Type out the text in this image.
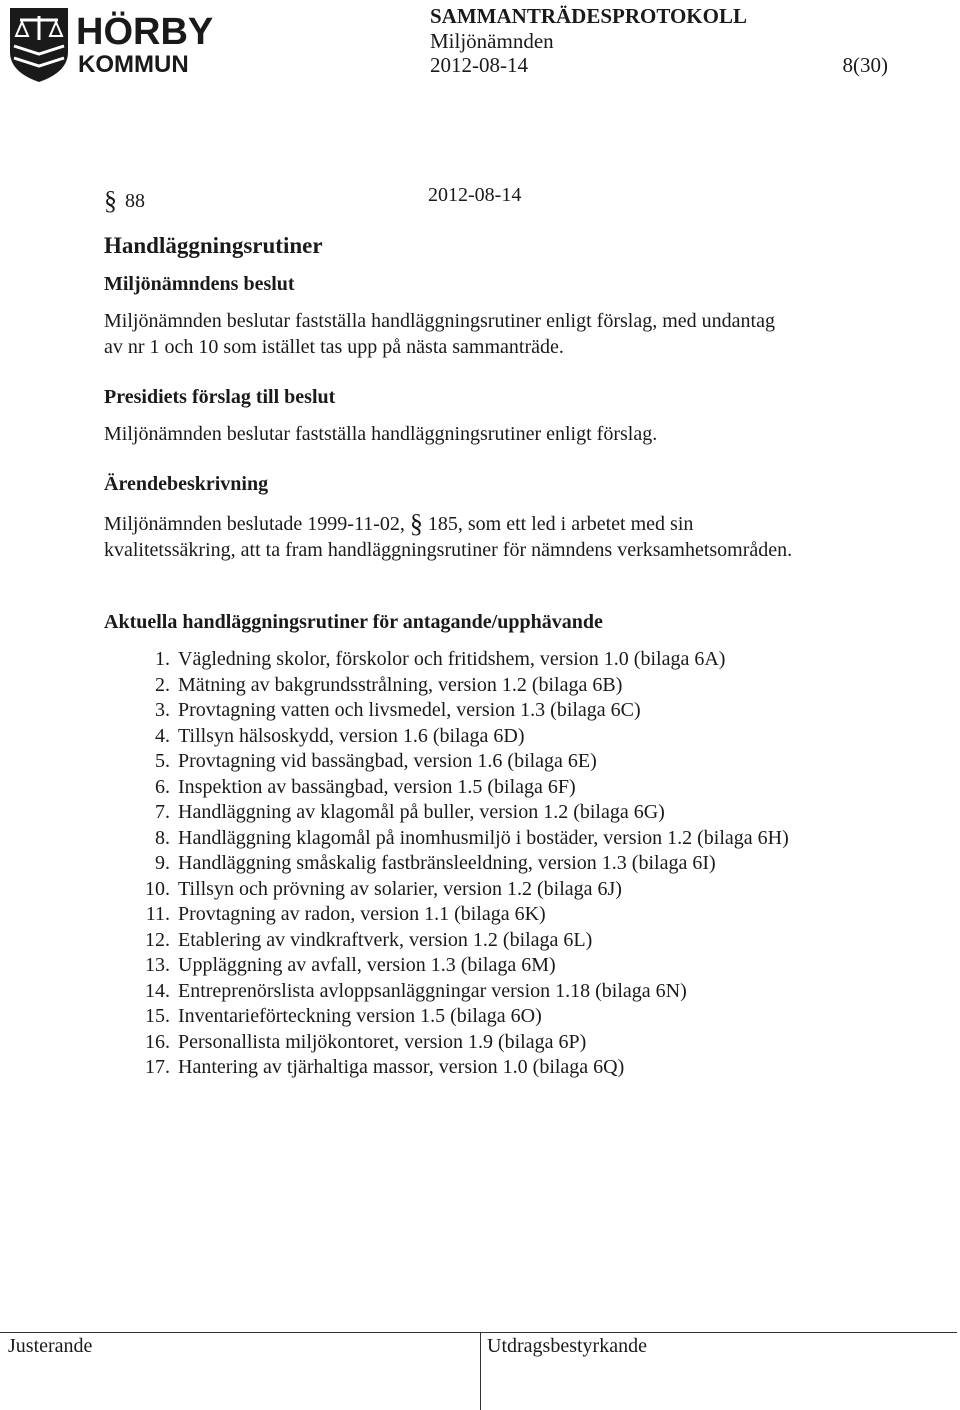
HÖRBY
KOMMUN
SAMMANTRÄDESPROTOKOLL
Miljönämnden
2012-08-14	8(30)
§ 88	2012-08-14
Handläggningsrutiner
Miljönämndens beslut
Miljönämnden beslutar fastställa handläggningsrutiner enligt förslag, med undantag av nr 1 och 10 som istället tas upp på nästa sammanträde.
Presidiets förslag till beslut
Miljönämnden beslutar fastställa handläggningsrutiner enligt förslag.
Ärendebeskrivning
Miljönämnden beslutade 1999-11-02, § 185, som ett led i arbetet med sin kvalitetssäkring, att ta fram handläggningsrutiner för nämndens verksamhetsområden.
Aktuella handläggningsrutiner för antagande/upphävande
1. Vägledning skolor, förskolor och fritidshem, version 1.0 (bilaga 6A)
2. Mätning av bakgrundsstrålning, version 1.2 (bilaga 6B)
3. Provtagning vatten och livsmedel, version 1.3 (bilaga 6C)
4. Tillsyn hälsoskydd, version 1.6 (bilaga 6D)
5. Provtagning vid bassängbad, version 1.6 (bilaga 6E)
6. Inspektion av bassängbad, version 1.5 (bilaga 6F)
7. Handläggning av klagomål på buller, version 1.2 (bilaga 6G)
8. Handläggning klagomål på inomhusmiljö i bostäder, version 1.2 (bilaga 6H)
9. Handläggning småskalig fastbränsleeldning, version 1.3 (bilaga 6I)
10. Tillsyn och prövning av solarier, version 1.2 (bilaga 6J)
11. Provtagning av radon, version 1.1 (bilaga 6K)
12. Etablering av vindkraftverk, version 1.2 (bilaga 6L)
13. Uppläggning av avfall, version 1.3 (bilaga 6M)
14. Entreprenörslista avloppsanläggningar version 1.18 (bilaga 6N)
15. Inventarieförteckning version 1.5 (bilaga 6O)
16. Personallista miljökontoret, version 1.9 (bilaga 6P)
17. Hantering av tjärhaltiga massor, version 1.0 (bilaga 6Q)
Justerande	Utdragsbestyrkande
